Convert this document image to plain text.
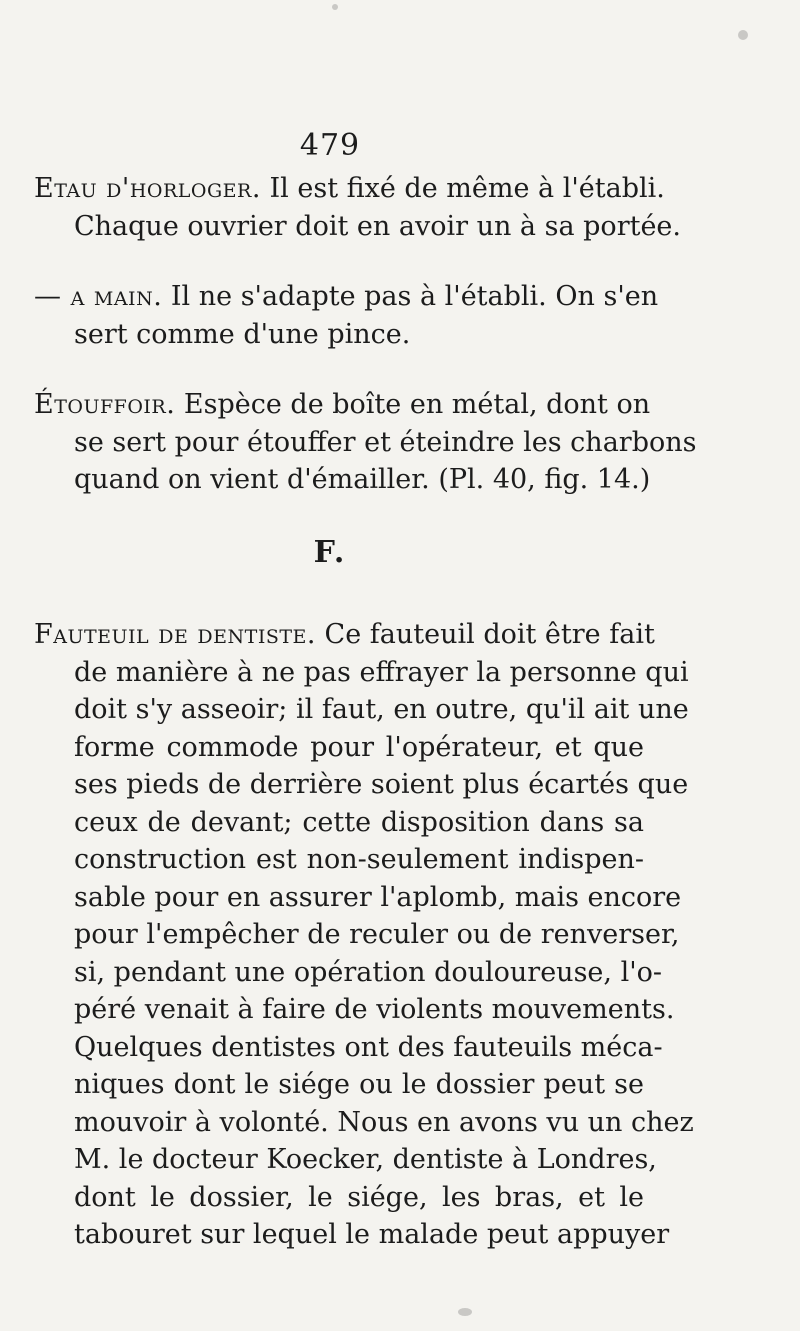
479
Etau d'horloger. Il est fixé de même à l'établi.
Chaque ouvrier doit en avoir un à sa portée.
— a main. Il ne s'adapte pas à l'établi. On s'en
sert comme d'une pince.
Étouffoir. Espèce de boîte en métal, dont on
se sert pour étouffer et éteindre les charbons
quand on vient d'émailler. (Pl. 40, fig. 14.)
F.
Fauteuil de dentiste. Ce fauteuil doit être fait
de manière à ne pas effrayer la personne qui
doit s'y asseoir; il faut, en outre, qu'il ait une
forme commode pour l'opérateur, et que
ses pieds de derrière soient plus écartés que
ceux de devant; cette disposition dans sa
construction est non-seulement indispen-
sable pour en assurer l'aplomb, mais encore
pour l'empêcher de reculer ou de renverser,
si, pendant une opération douloureuse, l'o-
péré venait à faire de violents mouvements.
Quelques dentistes ont des fauteuils méca-
niques dont le siége ou le dossier peut se
mouvoir à volonté. Nous en avons vu un chez
M. le docteur Koecker, dentiste à Londres,
dont le dossier, le siége, les bras, et le
tabouret sur lequel le malade peut appuyer
